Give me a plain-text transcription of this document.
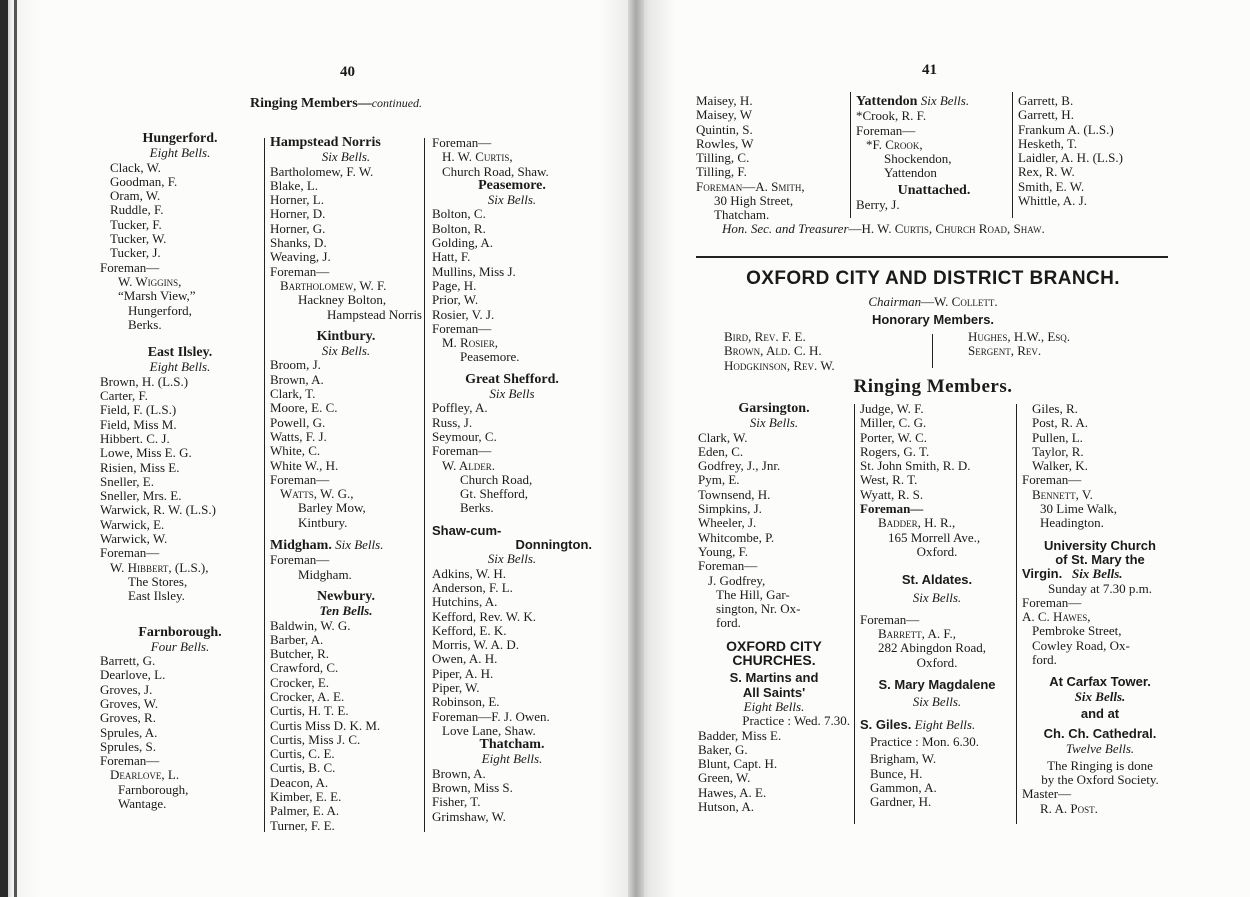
40
Ringing Members—continued.
Hungerford.
Eight Bells.
Clack, W.
Goodman, F.
Oram, W.
Ruddle, F.
Tucker, F.
Tucker, W.
Tucker, J.
Foreman—
W. Wiggins,
“Marsh View,”
Hungerford,
Berks.
East Ilsley.
Eight Bells.
Brown, H. (L.S.)
Carter, F.
Field, F. (L.S.)
Field, Miss M.
Hibbert. C. J.
Lowe, Miss E. G.
Risien, Miss E.
Sneller, E.
Sneller, Mrs. E.
Warwick, R. W. (L.S.)
Warwick, E.
Warwick, W.
Foreman—
W. Hibbert, (L.S.),
The Stores,
East Ilsley.
Farnborough.
Four Bells.
Barrett, G.
Dearlove, L.
Groves, J.
Groves, W.
Groves, R.
Sprules, A.
Sprules, S.
Foreman—
Dearlove, L.
Farnborough,
Wantage.
Hampstead Norris
Six Bells.
Bartholomew, F. W.
Blake, L.
Horner, L.
Horner, D.
Horner, G.
Shanks, D.
Weaving, J.
Foreman—
Bartholomew, W. F.
Hackney Bolton,
Hampstead Norris
Kintbury.
Six Bells.
Broom, J.
Brown, A.
Clark, T.
Moore, E. C.
Powell, G.
Watts, F. J.
White, C.
White W., H.
Foreman—
Watts, W. G.,
Barley Mow,
Kintbury.
Midgham. Six Bells.
Foreman—
Midgham.
Newbury.
Ten Bells.
Baldwin, W. G.
Barber, A.
Butcher, R.
Crawford, C.
Crocker, E.
Crocker, A. E.
Curtis, H. T. E.
Curtis Miss D. K. M.
Curtis, Miss J. C.
Curtis, C. E.
Curtis, B. C.
Deacon, A.
Kimber, E. E.
Palmer, E. A.
Turner, F. E.
Foreman—
H. W. Curtis,
Church Road, Shaw.
Peasemore.
Six Bells.
Bolton, C.
Bolton, R.
Golding, A.
Hatt, F.
Mullins, Miss J.
Page, H.
Prior, W.
Rosier, V. J.
Foreman—
M. Rosier,
Peasemore.
Great Shefford.
Six Bells
Poffley, A.
Russ, J.
Seymour, C.
Foreman—
W. Alder.
Church Road,
Gt. Shefford,
Berks.
Shaw-cum-
Donnington.
Six Bells.
Adkins, W. H.
Anderson, F. L.
Hutchins, A.
Kefford, Rev. W. K.
Kefford, E. K.
Morris, W. A. D.
Owen, A. H.
Piper, A. H.
Piper, W.
Robinson, E.
Foreman—F. J. Owen.
Love Lane, Shaw.
Thatcham.
Eight Bells.
Brown, A.
Brown, Miss S.
Fisher, T.
Grimshaw, W.
41
Maisey, H.
Maisey, W
Quintin, S.
Rowles, W
Tilling, C.
Tilling, F.
Foreman—A. Smith,
30 High Street,
Thatcham.
Yattendon Six Bells.
*Crook, R. F.
Foreman—
*F. Crook,
Shockendon,
Yattendon
Unattached.
Berry, J.
Garrett, B.
Garrett, H.
Frankum A. (L.S.)
Hesketh, T.
Laidler, A. H. (L.S.)
Rex, R. W.
Smith, E. W.
Whittle, A. J.
Hon. Sec. and Treasurer—H. W. Curtis, Church Road, Shaw.
OXFORD CITY AND DISTRICT BRANCH.
Chairman—W. Collett.
Honorary Members.
Bird, Rev. F. E.
Brown, Ald. C. H.
Hodgkinson, Rev. W.
Hughes, H.W., Esq.
Sergent, Rev.
Ringing Members.
Garsington.
Six Bells.
Clark, W.
Eden, C.
Godfrey, J., Jnr.
Pym, E.
Townsend, H.
Simpkins, J.
Wheeler, J.
Whitcombe, P.
Young, F.
Foreman—
J. Godfrey,
The Hill, Gar-
sington, Nr. Ox-
ford.
OXFORD CITY
CHURCHES.
S. Martins and
All Saints'
Eight Bells.
Practice : Wed. 7.30.
Badder, Miss E.
Baker, G.
Blunt, Capt. H.
Green, W.
Hawes, A. E.
Hutson, A.
Judge, W. F.
Miller, C. G.
Porter, W. C.
Rogers, G. T.
St. John Smith, R. D.
West, R. T.
Wyatt, R. S.
Foreman—
Badder, H. R.,
165 Morrell Ave.,
Oxford.
St. Aldates.
Six Bells.
Foreman—
Barrett, A. F.,
282 Abingdon Road,
Oxford.
S. Mary Magdalene
Six Bells.
S. Giles. Eight Bells.
Practice : Mon. 6.30.
Brigham, W.
Bunce, H.
Gammon, A.
Gardner, H.
Giles, R.
Post, R. A.
Pullen, L.
Taylor, R.
Walker, K.
Foreman—
Bennett, V.
30 Lime Walk,
Headington.
University Church
of St. Mary the
Virgin. Six Bells.
Sunday at 7.30 p.m.
Foreman—
A. C. Hawes,
Pembroke Street,
Cowley Road, Ox-
ford.
At Carfax Tower.
Six Bells.
and at
Ch. Ch. Cathedral.
Twelve Bells.
The Ringing is done
by the Oxford Society.
Master—
R. A. Post.
